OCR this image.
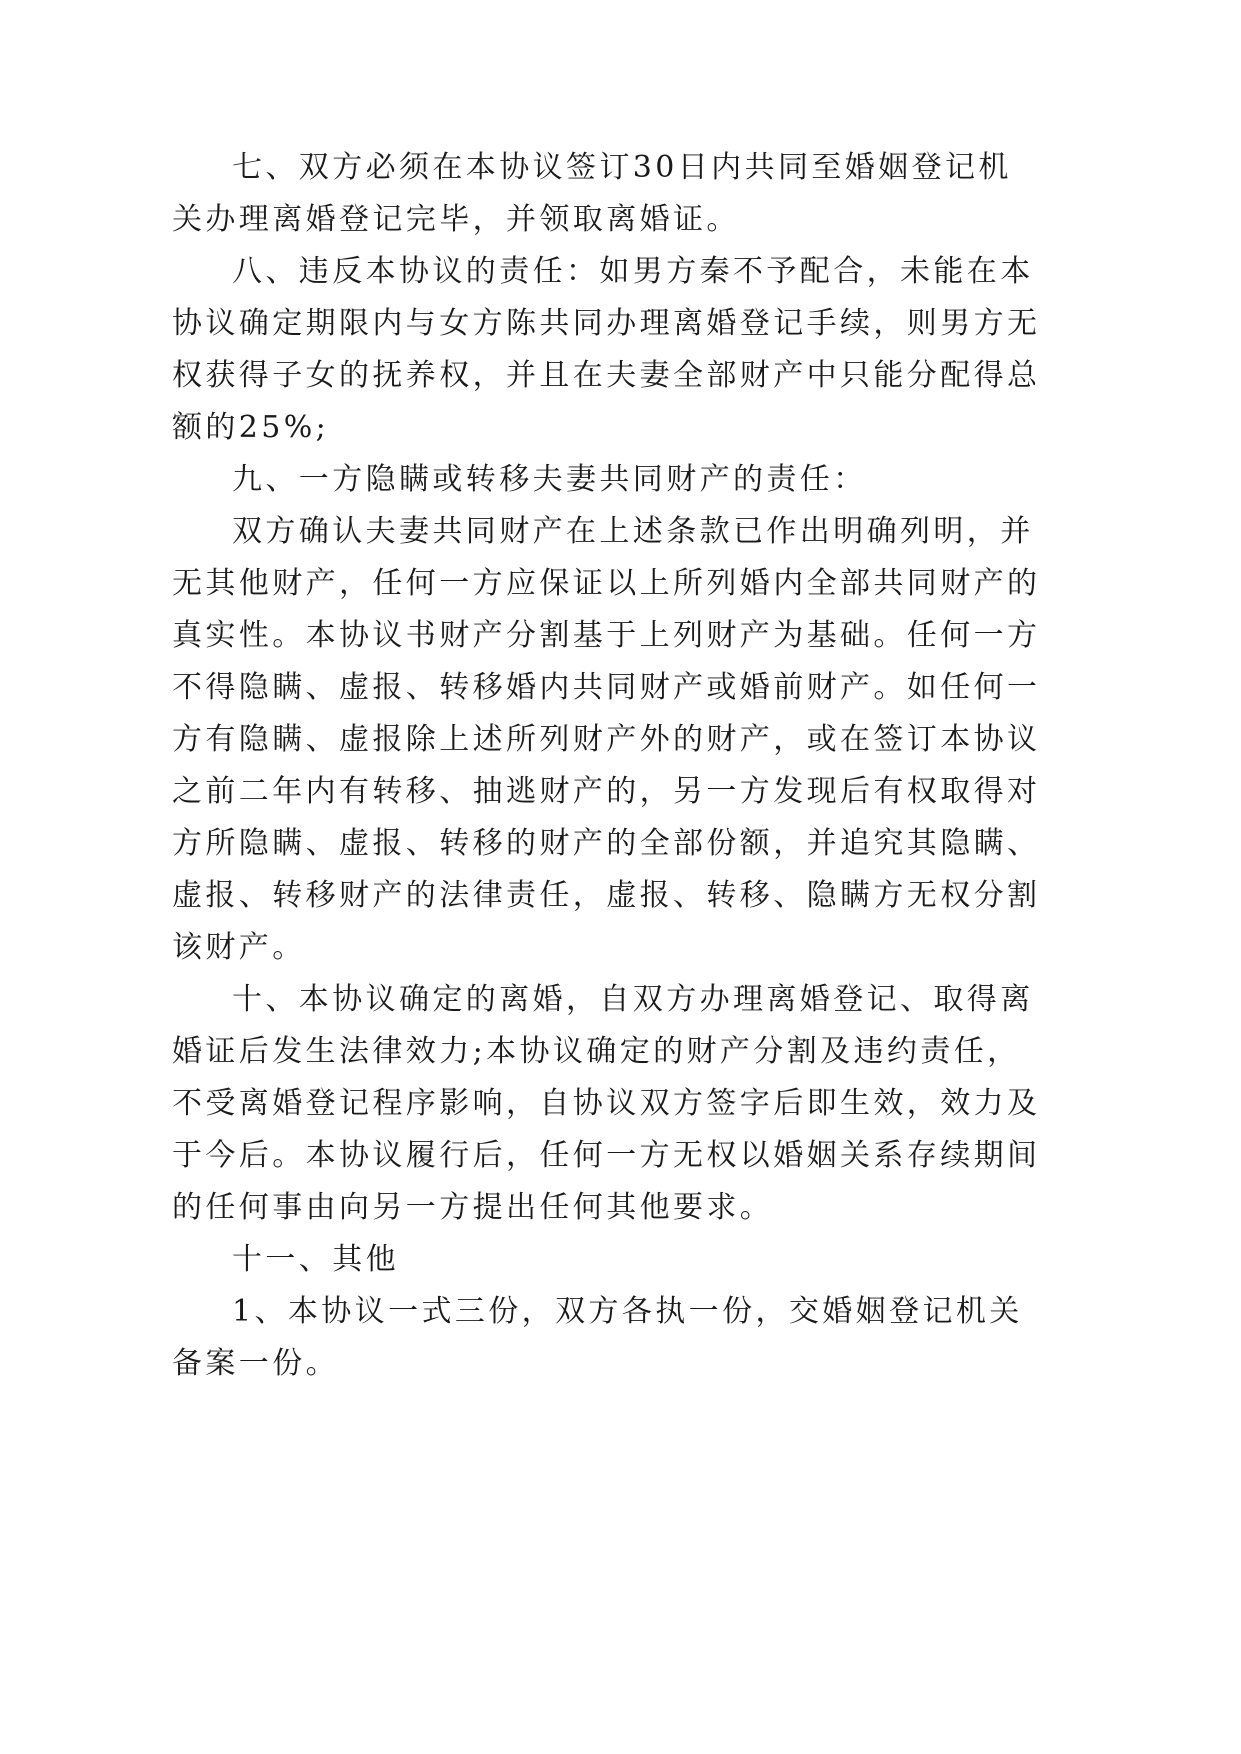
七、双方必须在本协议签订30日内共同至婚姻登记机

关办理离婚登记完毕，并领取离婚证。

八、违反本协议的责任：如男方秦不予配合，未能在本

协议确定期限内与女方陈共同办理离婚登记手续，则男方无

权获得子女的抚养权，并且在夫妻全部财产中只能分配得总

额的25%;

九、一方隐瞒或转移夫妻共同财产的责任：

双方确认夫妻共同财产在上述条款已作出明确列明，并

无其他财产，任何一方应保证以上所列婚内全部共同财产的

真实性。本协议书财产分割基于上列财产为基础。任何一方

不得隐瞒、虚报、转移婚内共同财产或婚前财产。如任何一

方有隐瞒、虚报除上述所列财产外的财产，或在签订本协议

之前二年内有转移、抽逃财产的，另一方发现后有权取得对

方所隐瞒、虚报、转移的财产的全部份额，并追究其隐瞒、

虚报、转移财产的法律责任，虚报、转移、隐瞒方无权分割

该财产。

十、本协议确定的离婚，自双方办理离婚登记、取得离

婚证后发生法律效力;本协议确定的财产分割及违约责任，

不受离婚登记程序影响，自协议双方签字后即生效，效力及

于今后。本协议履行后，任何一方无权以婚姻关系存续期间

的任何事由向另一方提出任何其他要求。

十一、其他

1、本协议一式三份，双方各执一份，交婚姻登记机关

备案一份。
